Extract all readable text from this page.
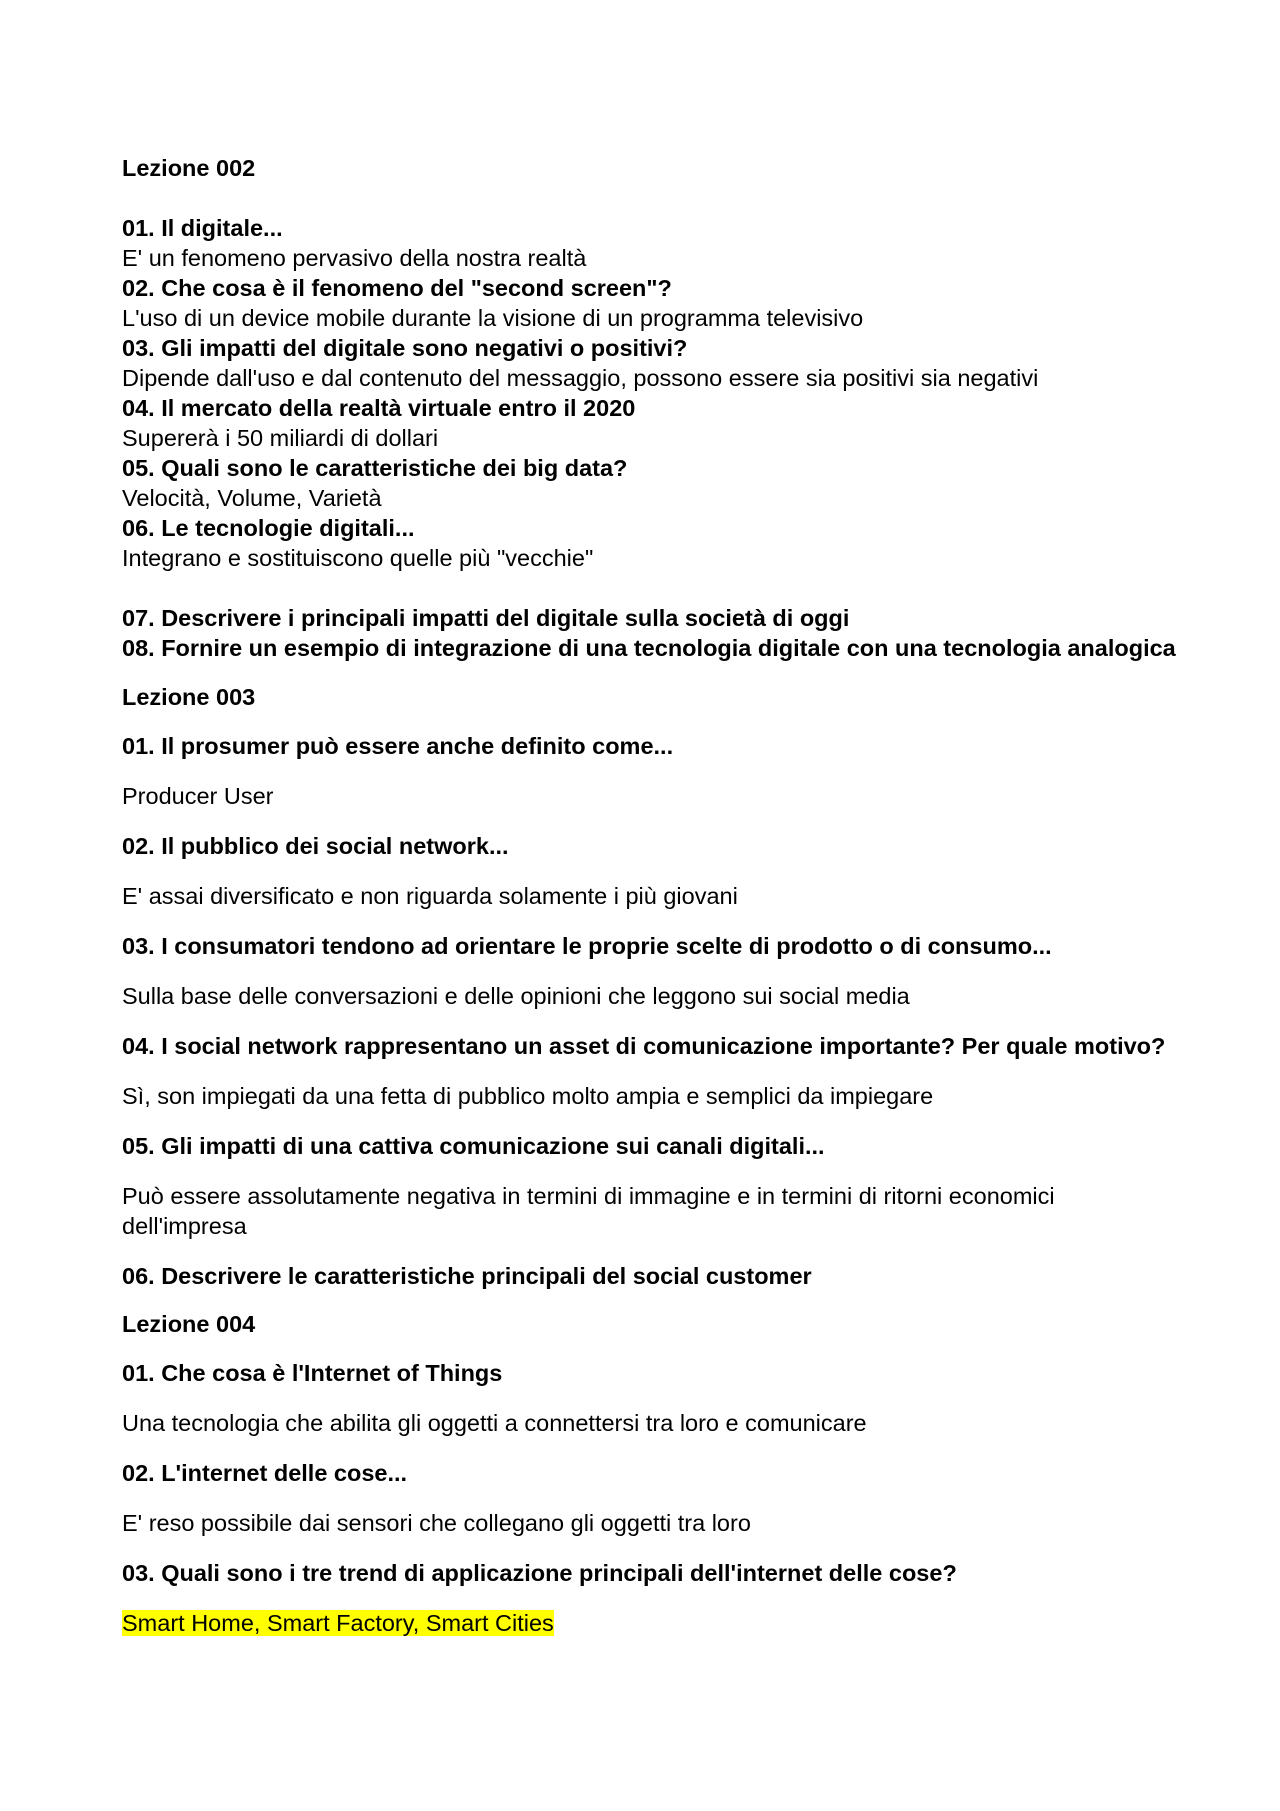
Lezione 002

01. Il digitale...

E' un fenomeno pervasivo della nostra realtà

02. Che cosa è il fenomeno del "second screen"?

L'uso di un device mobile durante la visione di un programma televisivo

03. Gli impatti del digitale sono negativi o positivi?

Dipende dall'uso e dal contenuto del messaggio, possono essere sia positivi sia negativi

04. Il mercato della realtà virtuale entro il 2020

Supererà i 50 miliardi di dollari

05. Quali sono le caratteristiche dei big data?

Velocità, Volume, Varietà

06. Le tecnologie digitali...

Integrano e sostituiscono quelle più "vecchie"

07. Descrivere i principali impatti del digitale sulla società di oggi

08. Fornire un esempio di integrazione di una tecnologia digitale con una tecnologia analogica

Lezione 003

01. Il prosumer può essere anche definito come...

Producer User

02. Il pubblico dei social network...

E' assai diversificato e non riguarda solamente i più giovani

03. I consumatori tendono ad orientare le proprie scelte di prodotto o di consumo...

Sulla base delle conversazioni e delle opinioni che leggono sui social media

04. I social network rappresentano un asset di comunicazione importante? Per quale motivo?

Sì, son impiegati da una fetta di pubblico molto ampia e semplici da impiegare

05. Gli impatti di una cattiva comunicazione sui canali digitali...

Può essere assolutamente negativa in termini di immagine e in termini di ritorni economici dell'impresa

06. Descrivere le caratteristiche principali del social customer

Lezione 004

01. Che cosa è l'Internet of Things

Una tecnologia che abilita gli oggetti a connettersi tra loro e comunicare

02. L'internet delle cose...

E' reso possibile dai sensori che collegano gli oggetti tra loro

03. Quali sono i tre trend di applicazione principali dell'internet delle cose?

Smart Home, Smart Factory, Smart Cities
